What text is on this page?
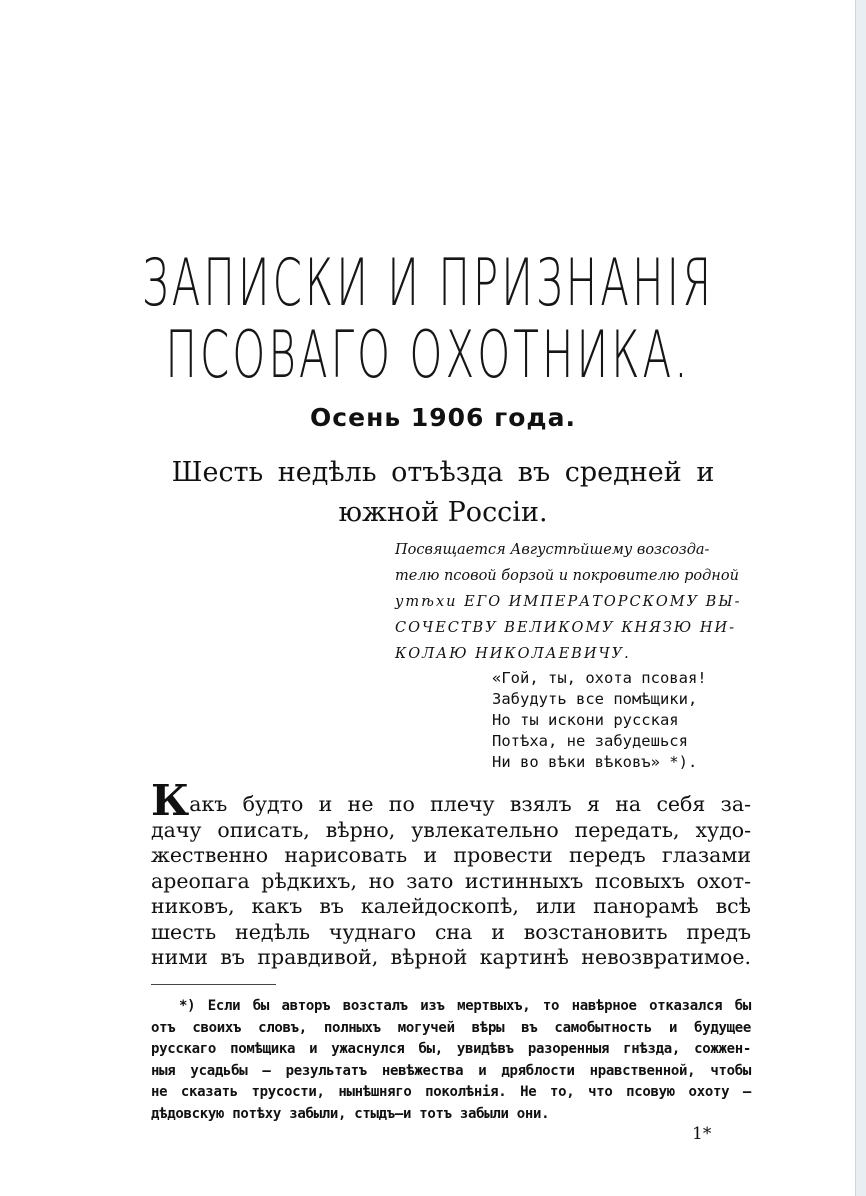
ЗАПИСКИ И ПРИЗНАНІЯ
ПСОВАГО ОХОТНИКА.
Осень 1906 года.
Шесть недѣль отъѣзда въ средней и
южной Россіи.
Посвящается Августѣйшему возсозда-
телю псовой борзой и покровителю родной
утѣхи ЕГО ИМПЕРАТОРСКОМУ ВЫ-
СОЧЕСТВУ ВЕЛИКОМУ КНЯЗЮ НИ-
КОЛАЮ НИКОЛАЕВИЧУ.
«Гой, ты, охота псовая!
Забудуть все помѣщики,
Но ты искони русская
Потѣха, не забудешься
Ни во вѣки вѣковъ» *).
Какъ будто и не по плечу взялъ я на себя за-
дачу описать, вѣрно, увлекательно передать, худо-
жественно нарисовать и провести передъ глазами
ареопага рѣдкихъ, но зато истинныхъ псовыхъ охот-
никовъ, какъ въ калейдоскопѣ, или панорамѣ всѣ
шесть недѣль чуднаго сна и возстановить предъ
ними въ правдивой, вѣрной картинѣ невозвратимое.
*) Если бы авторъ возсталъ изъ мертвыхъ, то навѣрное отказался бы
отъ своихъ словъ, полныхъ могучей вѣры въ самобытность и будущее
русскаго помѣщика и ужаснулся бы, увидѣвъ разоренныя гнѣзда, сожжен-
ныя усадьбы — результатъ невѣжества и дряблости нравственной, чтобы
не сказать трусости, нынѣшняго поколѣнія. Не то, что псовую охоту —
дѣдовскую потѣху забыли, стыдъ—и тотъ забыли они.
1*
